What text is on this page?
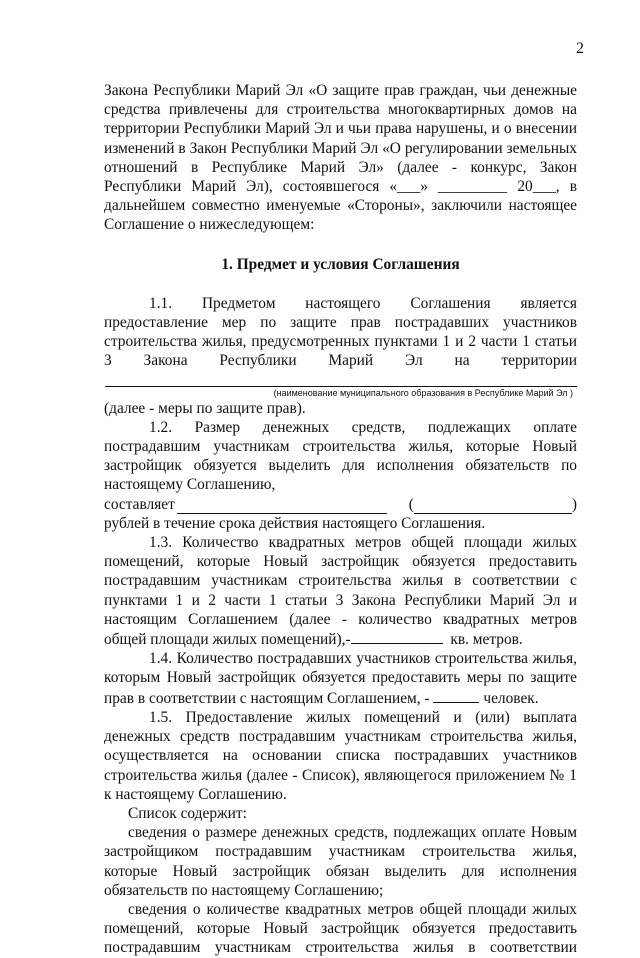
2

Закона Республики Марий Эл «О защите прав граждан, чьи денежные средства привлечены для строительства многоквартирных домов на территории Республики Марий Эл и чьи права нарушены, и о внесении изменений в Закон Республики Марий Эл «О регулировании земельных отношений в Республике Марий Эл» (далее - конкурс, Закон Республики Марий Эл), состоявшегося «___» _________ 20___, в дальнейшем совместно именуемые «Стороны», заключили настоящее Соглашение о нижеследующем:

1. Предмет и условия Соглашения

1.1. Предметом настоящего Соглашения является предоставление мер по защите прав пострадавших участников строительства жилья, предусмотренных пунктами 1 и 2 части 1 статьи 3 Закона Республики Марий Эл на территории

(наименование муниципального образования в Республике Марий Эл )

(далее - меры по защите прав).

1.2. Размер денежных средств, подлежащих оплате пострадавшим участникам строительства жилья, которые Новый застройщик обязуется выделить для исполнения обязательств по настоящему Соглашению,

составляет	(	)

рублей в течение срока действия настоящего Соглашения.

1.3. Количество квадратных метров общей площади жилых помещений, которые Новый застройщик обязуется предоставить пострадавшим участникам строительства жилья в соответствии с пунктами 1 и 2 части 1 статьи 3 Закона Республики Марий Эл и настоящим Соглашением (далее - количество квадратных метров общей площади жилых помещений),-	кв. метров.

1.4. Количество пострадавших участников строительства жилья, которым Новый застройщик обязуется предоставить меры по защите прав в соответствии с настоящим Соглашением, -	человек.

1.5. Предоставление жилых помещений и (или) выплата денежных средств пострадавшим участникам строительства жилья, осуществляется на основании списка пострадавших участников строительства жилья (далее - Список), являющегося приложением № 1 к настоящему Соглашению.

Список содержит:

сведения о размере денежных средств, подлежащих оплате Новым застройщиком пострадавшим участникам строительства жилья, которые Новый застройщик обязан выделить для исполнения обязательств по настоящему Соглашению;

сведения о количестве квадратных метров общей площади жилых помещений, которые Новый застройщик обязуется предоставить пострадавшим участникам строительства жилья в соответствии
